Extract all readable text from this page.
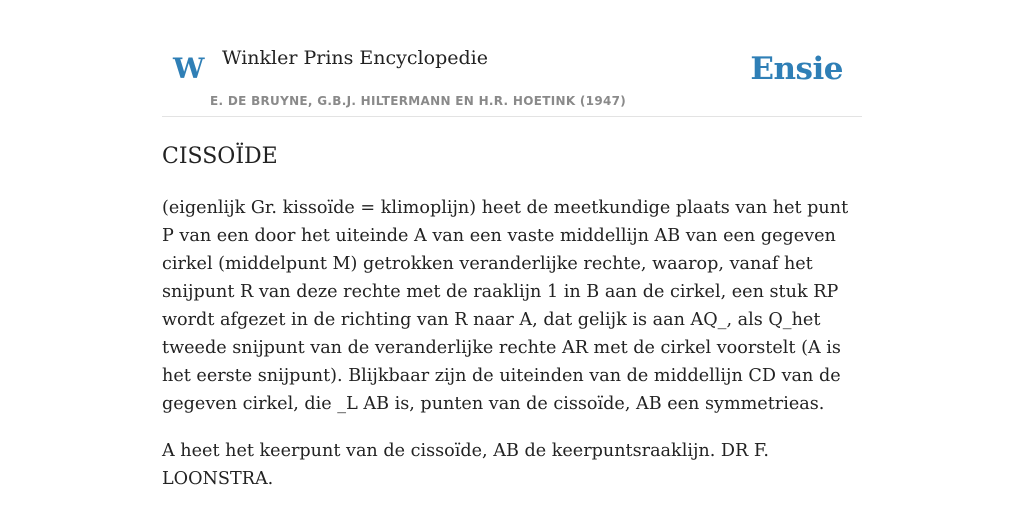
W Winkler Prins Encyclopedie	Ensie
E. DE BRUYNE, G.B.J. HILTERMANN EN H.R. HOETINK (1947)
CISSOÏDE

(eigenlijk Gr. kissoïde = klimoplijn) heet de meetkundige plaats van het punt P van een door het uiteinde A van een vaste middellijn AB van een gegeven cirkel (middelpunt M) getrokken veranderlijke rechte, waarop, vanaf het snijpunt R van deze rechte met de raaklijn 1 in B aan de cirkel, een stuk RP wordt afgezet in de richting van R naar A, dat gelijk is aan AQ_, als Q_het tweede snijpunt van de veranderlijke rechte AR met de cirkel voorstelt (A is het eerste snijpunt). Blijkbaar zijn de uiteinden van de middellijn CD van de gegeven cirkel, die _L AB is, punten van de cissoïde, AB een symmetrieas.

A heet het keerpunt van de cissoïde, AB de keerpuntsraaklijn. DR F. LOONSTRA.
